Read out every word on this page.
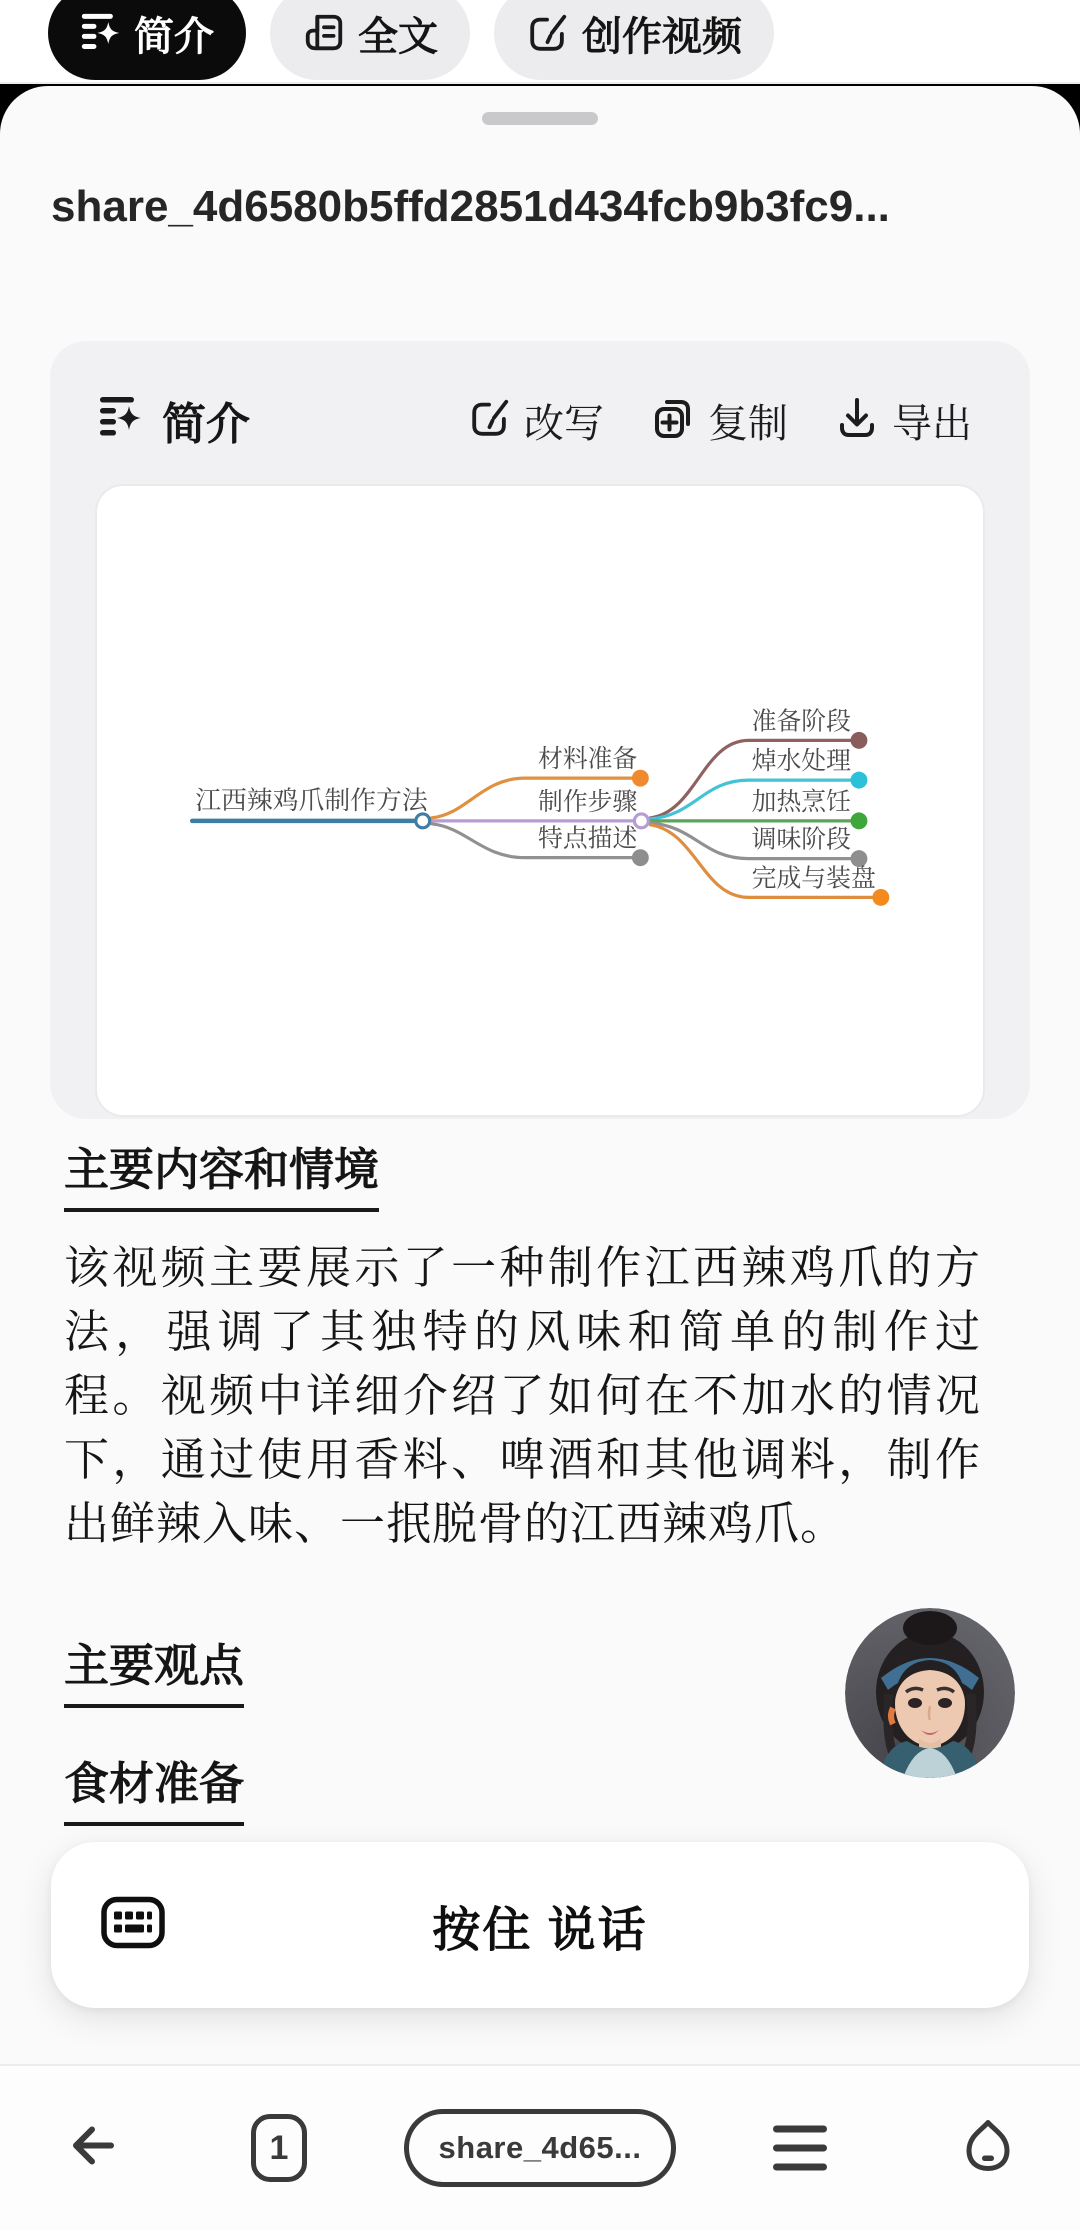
简介	全文	创作视频
share_4d6580b5ffd2851d434fcb9b3fc9...
简介	改写	复制	导出
江西辣鸡爪制作方法
材料准备
制作步骤
特点描述
准备阶段
焯水处理
加热烹饪
调味阶段
完成与装盘
主要内容和情境
该视频主要展示了一种制作江西辣鸡爪的方法，强调了其独特的风味和简单的制作过程。视频中详细介绍了如何在不加水的情况下，通过使用香料、啤酒和其他调料，制作出鲜辣入味、一抿脱骨的江西辣鸡爪。
主要观点
食材准备
按住 说话
1	share_4d65...
